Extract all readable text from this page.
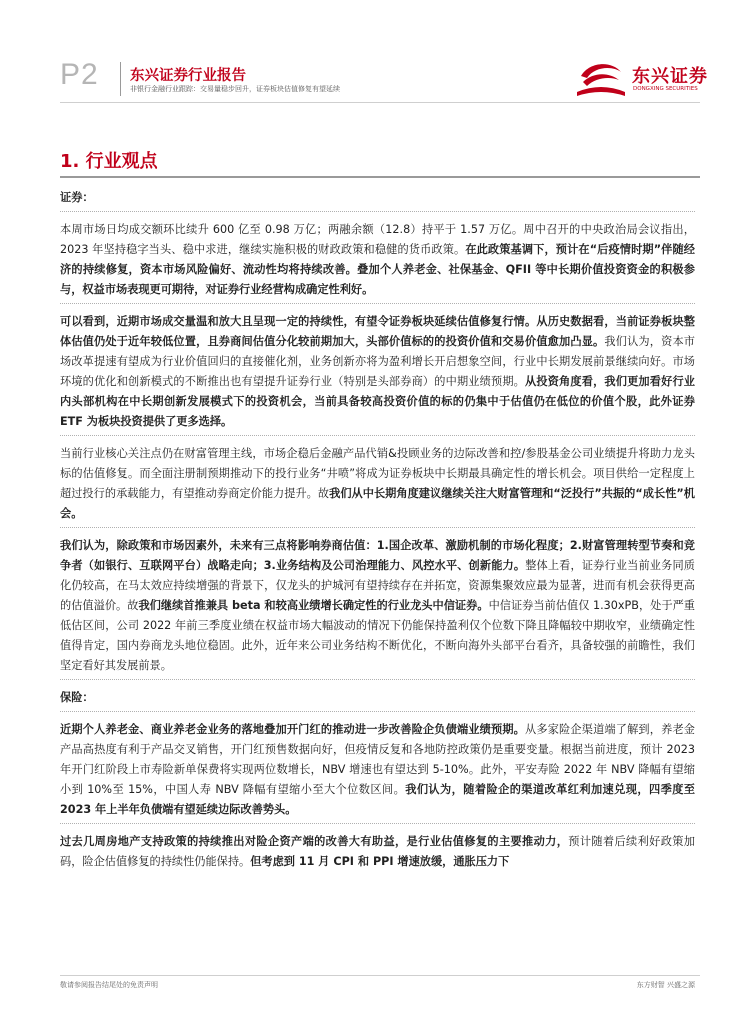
P2 东兴证券行业报告
非银行金融行业跟踪：交易量稳步回升，证券板块估值修复有望延续
东兴证券
DONGXING SECURITIES
1. 行业观点

证券：

本周市场日均成交额环比续升 600 亿至 0.98 万亿；两融余额（12.8）持平于 1.57 万亿。周中召开的中央政治局会议指出，2023 年坚持稳字当头、稳中求进，继续实施积极的财政政策和稳健的货币政策。在此政策基调下，预计在“后疫情时期”伴随经济的持续修复，资本市场风险偏好、流动性均将持续改善。叠加个人养老金、社保基金、QFII 等中长期价值投资资金的积极参与，权益市场表现更可期待，对证券行业经营构成确定性利好。

可以看到，近期市场成交量温和放大且呈现一定的持续性，有望令证券板块延续估值修复行情。从历史数据看，当前证券板块整体估值仍处于近年较低位置，且券商间估值分化较前期加大，头部价值标的的投资价值和交易价值愈加凸显。我们认为，资本市场改革提速有望成为行业价值回归的直接催化剂，业务创新亦将为盈利增长开启想象空间，行业中长期发展前景继续向好。市场环境的优化和创新模式的不断推出也有望提升证券行业（特别是头部券商）的中期业绩预期。从投资角度看，我们更加看好行业内头部机构在中长期创新发展模式下的投资机会，当前具备较高投资价值的标的仍集中于估值仍在低位的价值个股，此外证券 ETF 为板块投资提供了更多选择。

当前行业核心关注点仍在财富管理主线，市场企稳后金融产品代销&投顾业务的边际改善和控/参股基金公司业绩提升将助力龙头标的估值修复。而全面注册制预期推动下的投行业务“井喷”将成为证券板块中长期最具确定性的增长机会。项目供给一定程度上超过投行的承载能力，有望推动券商定价能力提升。故我们从中长期角度建议继续关注大财富管理和“泛投行”共振的“成长性”机会。

我们认为，除政策和市场因素外，未来有三点将影响券商估值：1.国企改革、激励机制的市场化程度；2.财富管理转型节奏和竞争者（如银行、互联网平台）战略走向；3.业务结构及公司治理能力、风控水平、创新能力。整体上看，证券行业当前业务同质化仍较高，在马太效应持续增强的背景下，仅龙头的护城河有望持续存在并拓宽，资源集聚效应最为显著，进而有机会获得更高的估值溢价。故我们继续首推兼具 beta 和较高业绩增长确定性的行业龙头中信证券。中信证券当前估值仅 1.30xPB，处于严重低估区间，公司 2022 年前三季度业绩在权益市场大幅波动的情况下仍能保持盈利仅个位数下降且降幅较中期收窄，业绩确定性值得肯定，国内券商龙头地位稳固。此外，近年来公司业务结构不断优化，不断向海外头部平台看齐，具备较强的前瞻性，我们坚定看好其发展前景。

保险：

近期个人养老金、商业养老金业务的落地叠加开门红的推动进一步改善险企负债端业绩预期。从多家险企渠道端了解到，养老金产品高热度有利于产品交叉销售，开门红预售数据向好，但疫情反复和各地防控政策仍是重要变量。根据当前进度，预计 2023 年开门红阶段上市寿险新单保费将实现两位数增长，NBV 增速也有望达到 5-10%。此外，平安寿险 2022 年 NBV 降幅有望缩小到 10%至 15%，中国人寿 NBV 降幅有望缩小至大个位数区间。我们认为，随着险企的渠道改革红利加速兑现，四季度至 2023 年上半年负债端有望延续边际改善势头。

过去几周房地产支持政策的持续推出对险企资产端的改善大有助益，是行业估值修复的主要推动力，预计随着后续利好政策加码，险企估值修复的持续性仍能保持。但考虑到 11 月 CPI 和 PPI 增速放缓，通胀压力下

敬请参阅报告结尾处的免责声明	东方财智 兴盛之源
